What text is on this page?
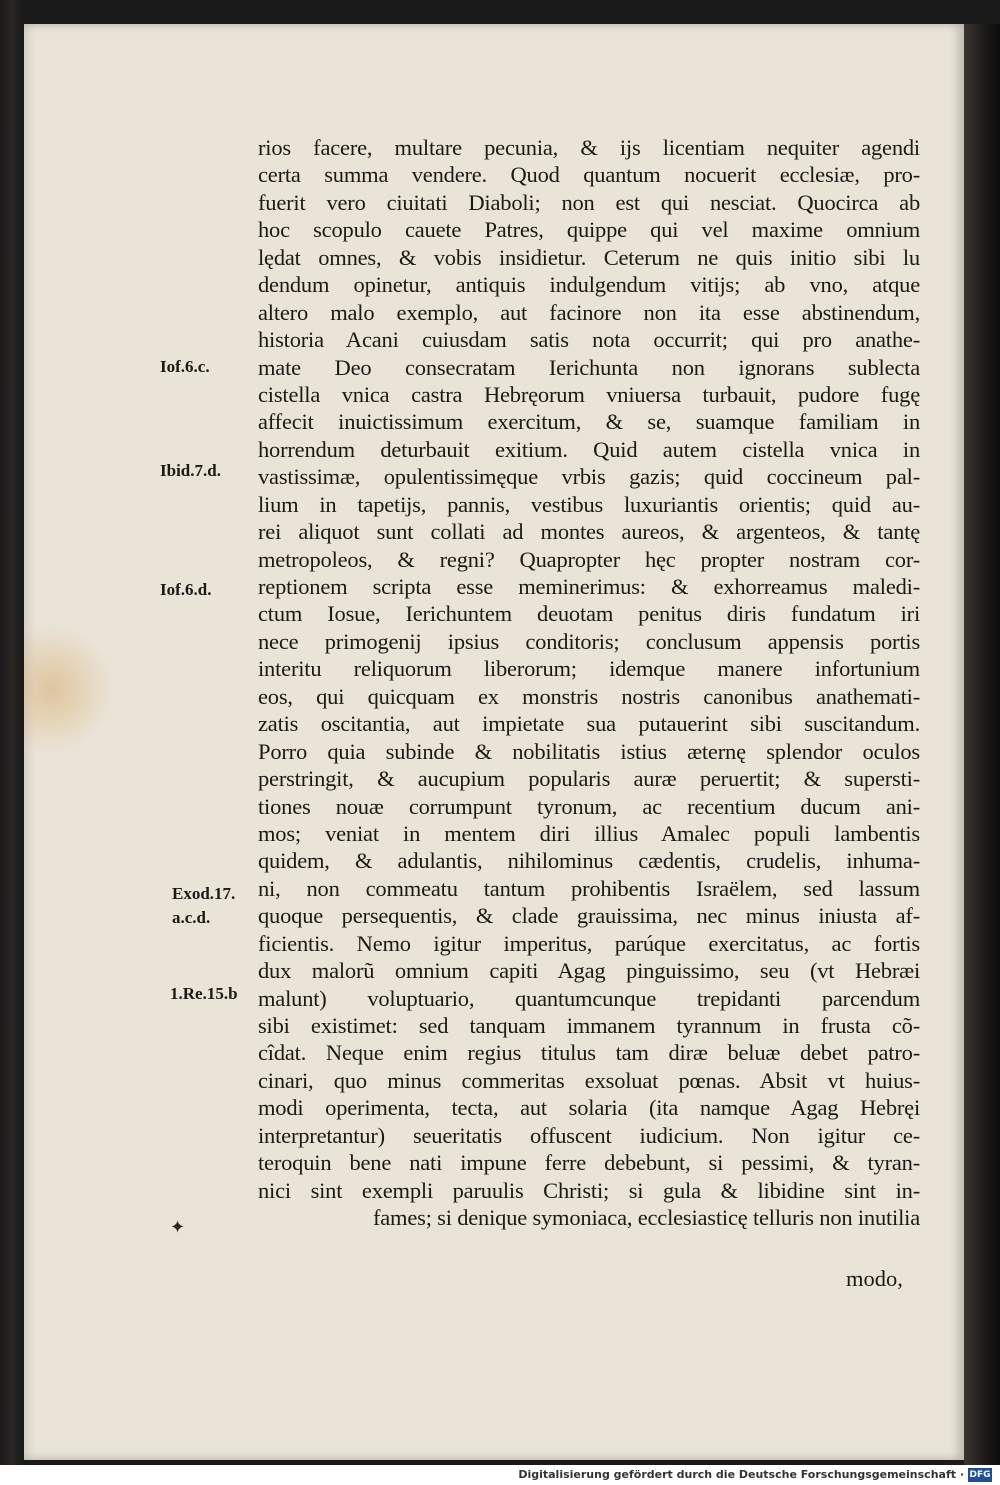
rios facere, multare pecunia, & ijs licentiam nequiter agendi
certa summa vendere. Quod quantum nocuerit ecclesiæ, pro-
fuerit vero ciuitati Diaboli; non est qui nesciat. Quocirca ab
hoc scopulo cauete Patres, quippe qui vel maxime omnium
lędat omnes, & vobis insidietur. Ceterum ne quis initio sibi lu
dendum opinetur, antiquis indulgendum vitijs; ab vno, atque
altero malo exemplo, aut facinore non ita esse abstinendum,
historia Acani cuiusdam satis nota occurrit; qui pro anathe-
mate Deo consecratam Ierichunta non ignorans sublecta
cistella vnica castra Hebręorum vniuersa turbauit, pudore fugę
affecit inuictissimum exercitum, & se, suamque familiam in
horrendum deturbauit exitium. Quid autem cistella vnica in
vastissimæ, opulentissimęque vrbis gazis; quid coccineum pal-
lium in tapetijs, pannis, vestibus luxuriantis orientis; quid au-
rei aliquot sunt collati ad montes aureos, & argenteos, & tantę
metropoleos, & regni? Quapropter hęc propter nostram cor-
reptionem scripta esse meminerimus: & exhorreamus maledi-
ctum Iosue, Ierichuntem deuotam penitus diris fundatum iri
nece primogenij ipsius conditoris; conclusum appensis portis
interitu reliquorum liberorum; idemque manere infortunium
eos, qui quicquam ex monstris nostris canonibus anathemati-
zatis oscitantia, aut impietate sua putauerint sibi suscitandum.
Porro quia subinde & nobilitatis istius æternę splendor oculos
perstringit, & aucupium popularis auræ peruertit; & supersti-
tiones nouæ corrumpunt tyronum, ac recentium ducum ani-
mos; veniat in mentem diri illius Amalec populi lambentis
quidem, & adulantis, nihilominus cædentis, crudelis, inhuma-
ni, non commeatu tantum prohibentis Israëlem, sed lassum
quoque persequentis, & clade grauissima, nec minus iniusta af-
ficientis. Nemo igitur imperitus, parúque exercitatus, ac fortis
dux malorũ omnium capiti Agag pinguissimo, seu (vt Hebræi
malunt) voluptuario, quantumcunque trepidanti parcendum
sibi existimet: sed tanquam immanem tyrannum in frusta cõ-
cîdat. Neque enim regius titulus tam diræ beluæ debet patro-
cinari, quo minus commeritas exsoluat pœnas. Absit vt huius-
modi operimenta, tecta, aut solaria (ita namque Agag Hebręi
interpretantur) seueritatis offuscent iudicium. Non igitur ce-
teroquin bene nati impune ferre debebunt, si pessimi, & tyran-
nici sint exempli paruulis Christi; si gula & libidine sint in-
fames; si denique symoniaca, ecclesiasticę telluris non inutilia
Iof.6.c.
Ibid.7.d.
Iof.6.d.
Exod.17.
a.c.d.
1.Re.15.b
✦
modo,
Digitalisierung gefördert durch die Deutsche Forschungsgemeinschaft · DFG
